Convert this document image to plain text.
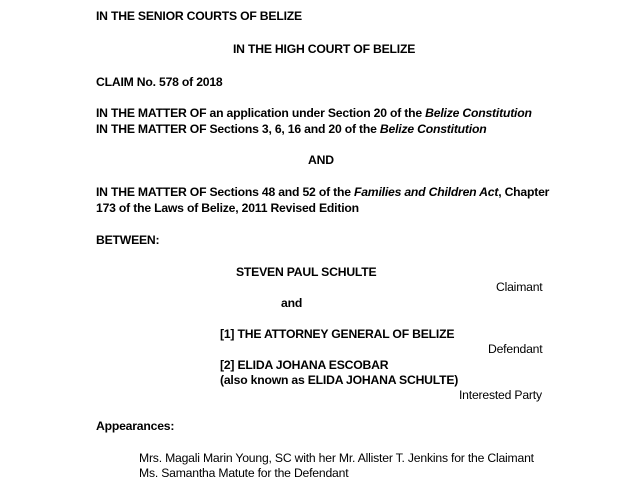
IN THE SENIOR COURTS OF BELIZE
IN THE HIGH COURT OF BELIZE
CLAIM No. 578 of 2018
IN THE MATTER OF an application under Section 20 of the Belize Constitution
IN THE MATTER OF Sections 3, 6, 16 and 20 of the Belize Constitution
AND
IN THE MATTER OF Sections 48 and 52 of the Families and Children Act, Chapter
173 of the Laws of Belize, 2011 Revised Edition
BETWEEN:
STEVEN PAUL SCHULTE
Claimant
and
[1] THE ATTORNEY GENERAL OF BELIZE
Defendant
[2] ELIDA JOHANA ESCOBAR
(also known as ELIDA JOHANA SCHULTE)
Interested Party
Appearances:
Mrs. Magali Marin Young, SC with her Mr. Allister T. Jenkins for the Claimant
Ms. Samantha Matute for the Defendant
